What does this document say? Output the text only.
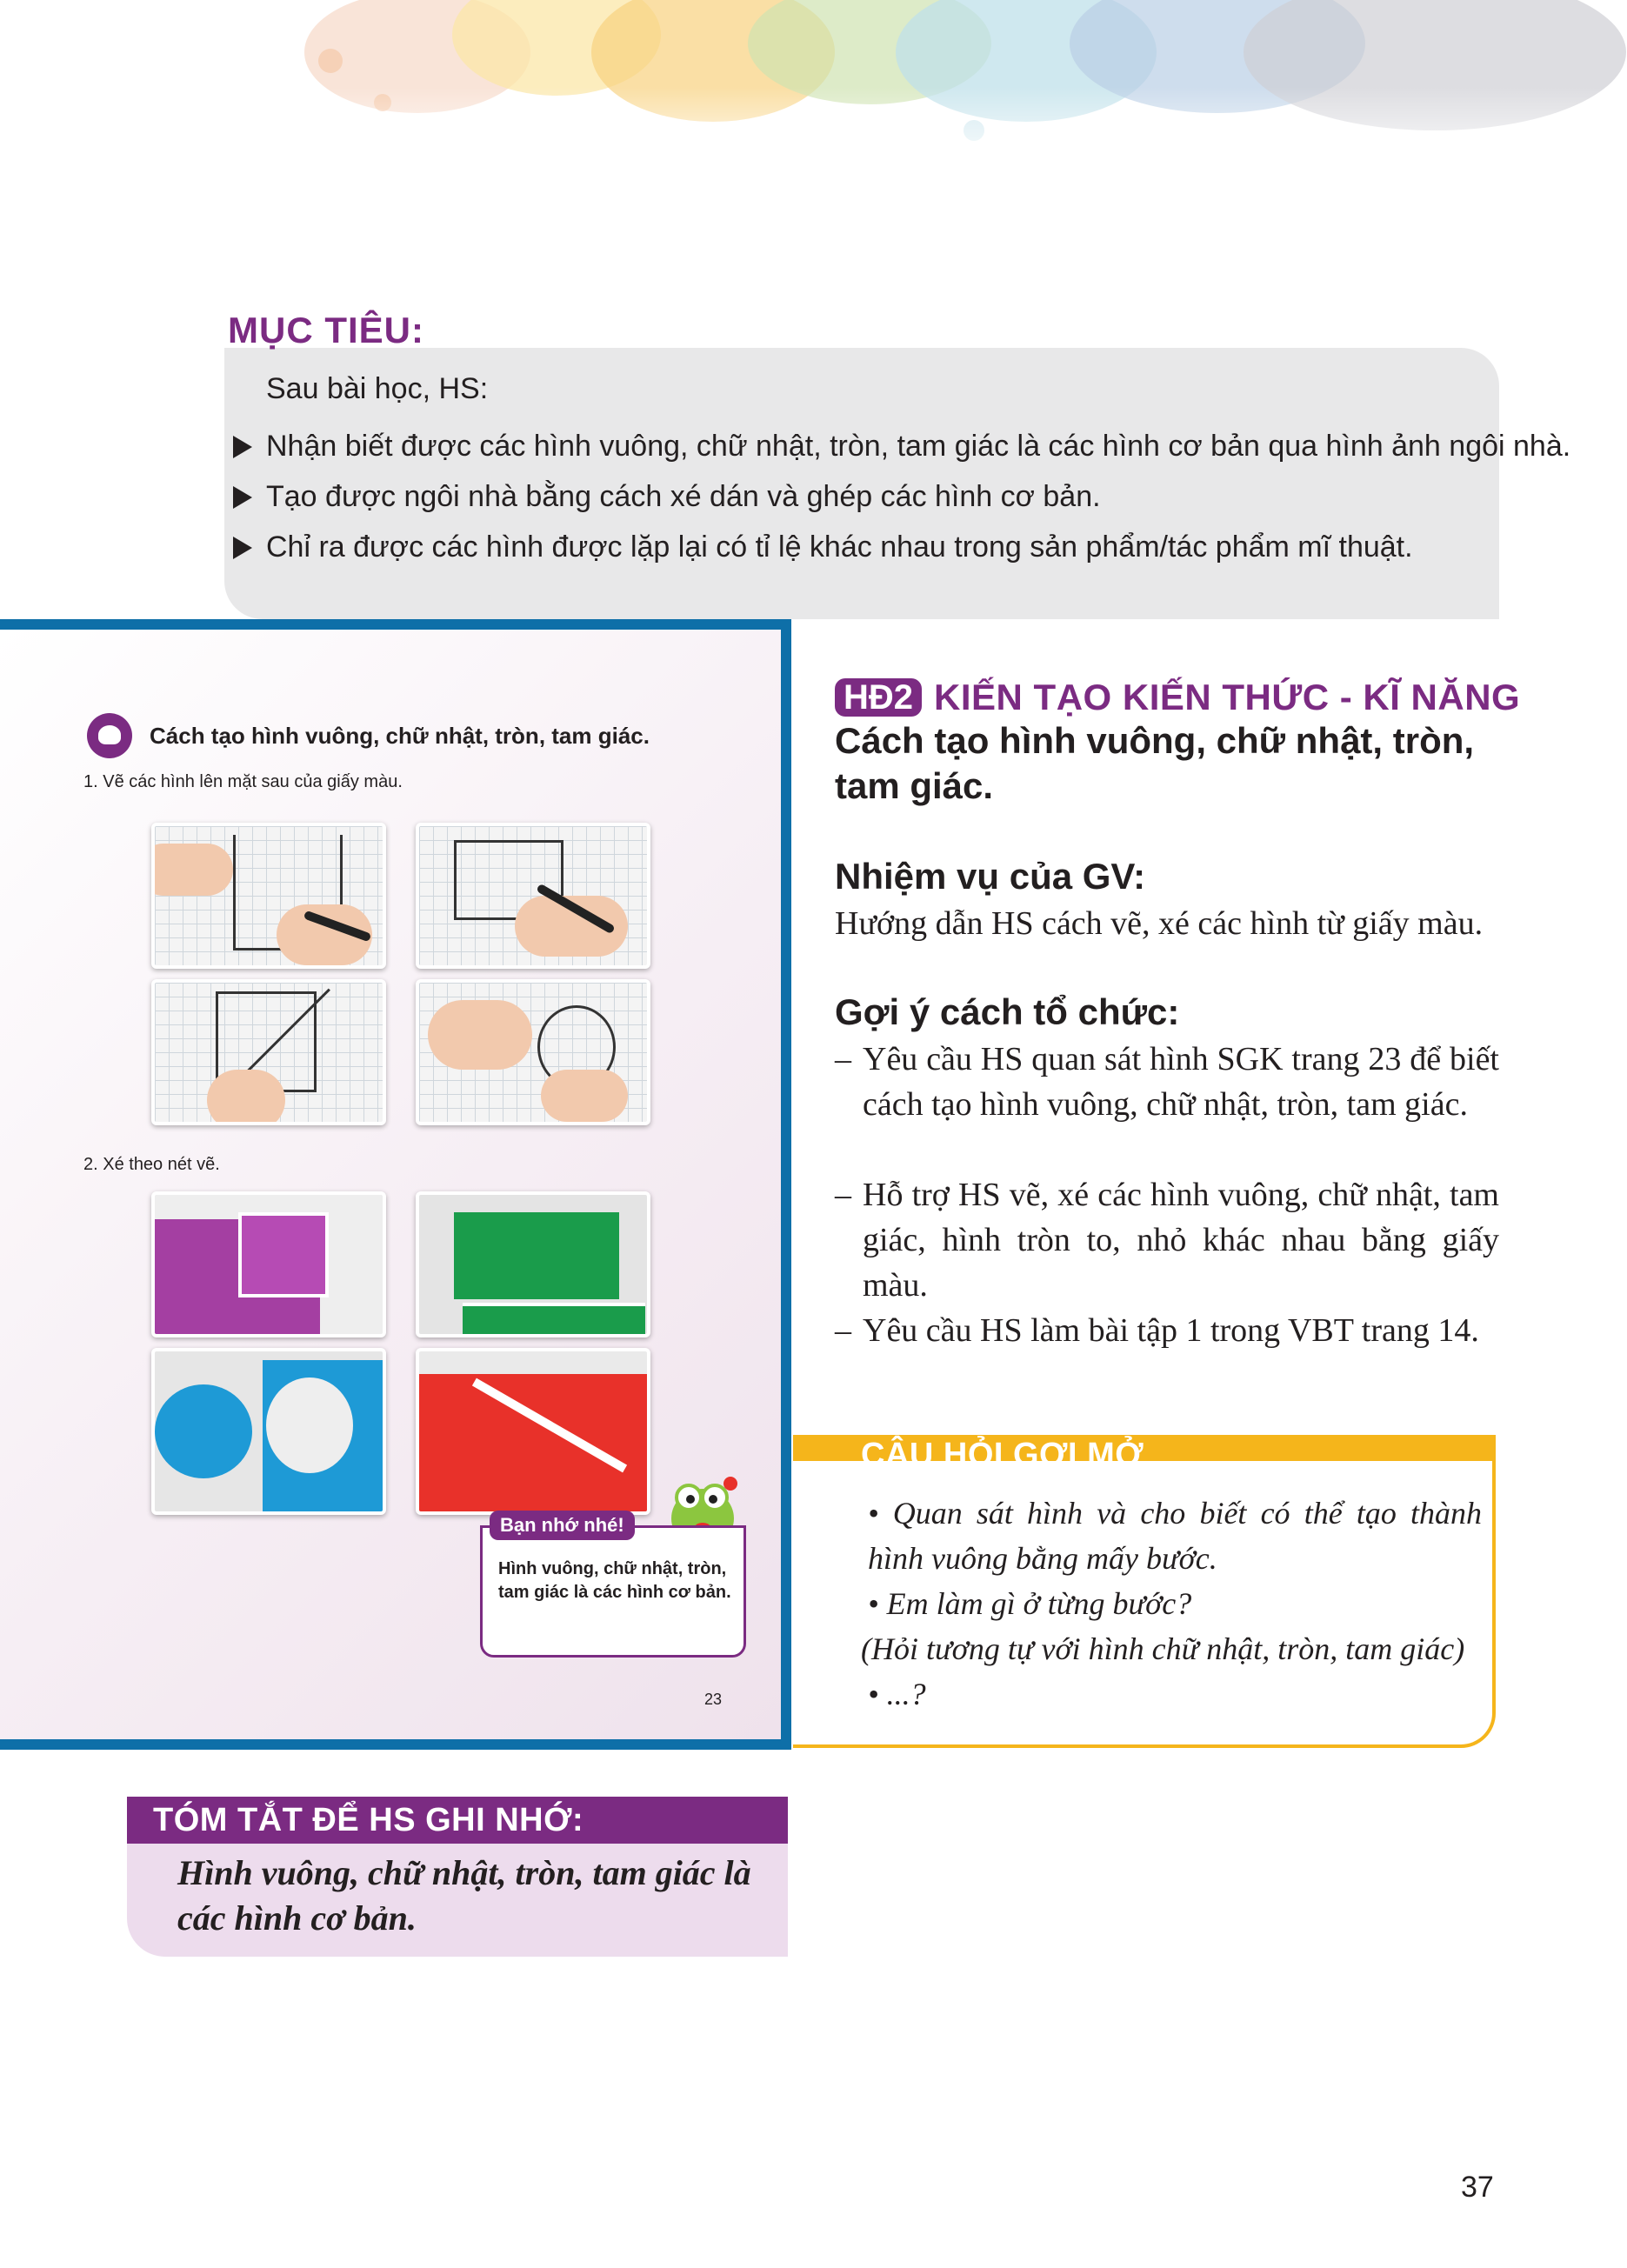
MỤC TIÊU:
Sau bài học, HS:
Nhận biết được các hình vuông, chữ nhật, tròn, tam giác là các hình cơ bản qua hình ảnh ngôi nhà.
Tạo được ngôi nhà bằng cách xé dán và ghép các hình cơ bản.
Chỉ ra được các hình được lặp lại có tỉ lệ khác nhau trong sản phẩm/tác phẩm mĩ thuật.
Cách tạo hình vuông, chữ nhật, tròn, tam giác.
1. Vẽ các hình lên mặt sau của giấy màu.
2. Xé theo nét vẽ.
Bạn nhớ nhé!
Hình vuông, chữ nhật, tròn, tam giác là các hình cơ bản.
23
HĐ2 KIẾN TẠO KIẾN THỨC - KĨ NĂNG
Cách tạo hình vuông, chữ nhật, tròn, tam giác.
Nhiệm vụ của GV:
Hướng dẫn HS cách vẽ, xé các hình từ giấy màu.
Gợi ý cách tổ chức:
– Yêu cầu HS quan sát hình SGK trang 23 để biết cách tạo hình vuông, chữ nhật, tròn, tam giác.
– Hỗ trợ HS vẽ, xé các hình vuông, chữ nhật, tam giác, hình tròn to, nhỏ khác nhau bằng giấy màu.
– Yêu cầu HS làm bài tập 1 trong VBT trang 14.
CÂU HỎI GỢI MỞ
• Quan sát hình và cho biết có thể tạo thành hình vuông bằng mấy bước.
• Em làm gì ở từng bước?
(Hỏi tương tự với hình chữ nhật, tròn, tam giác)
• ...?
TÓM TẮT ĐỂ HS GHI NHỚ:
Hình vuông, chữ nhật, tròn, tam giác là các hình cơ bản.
37
